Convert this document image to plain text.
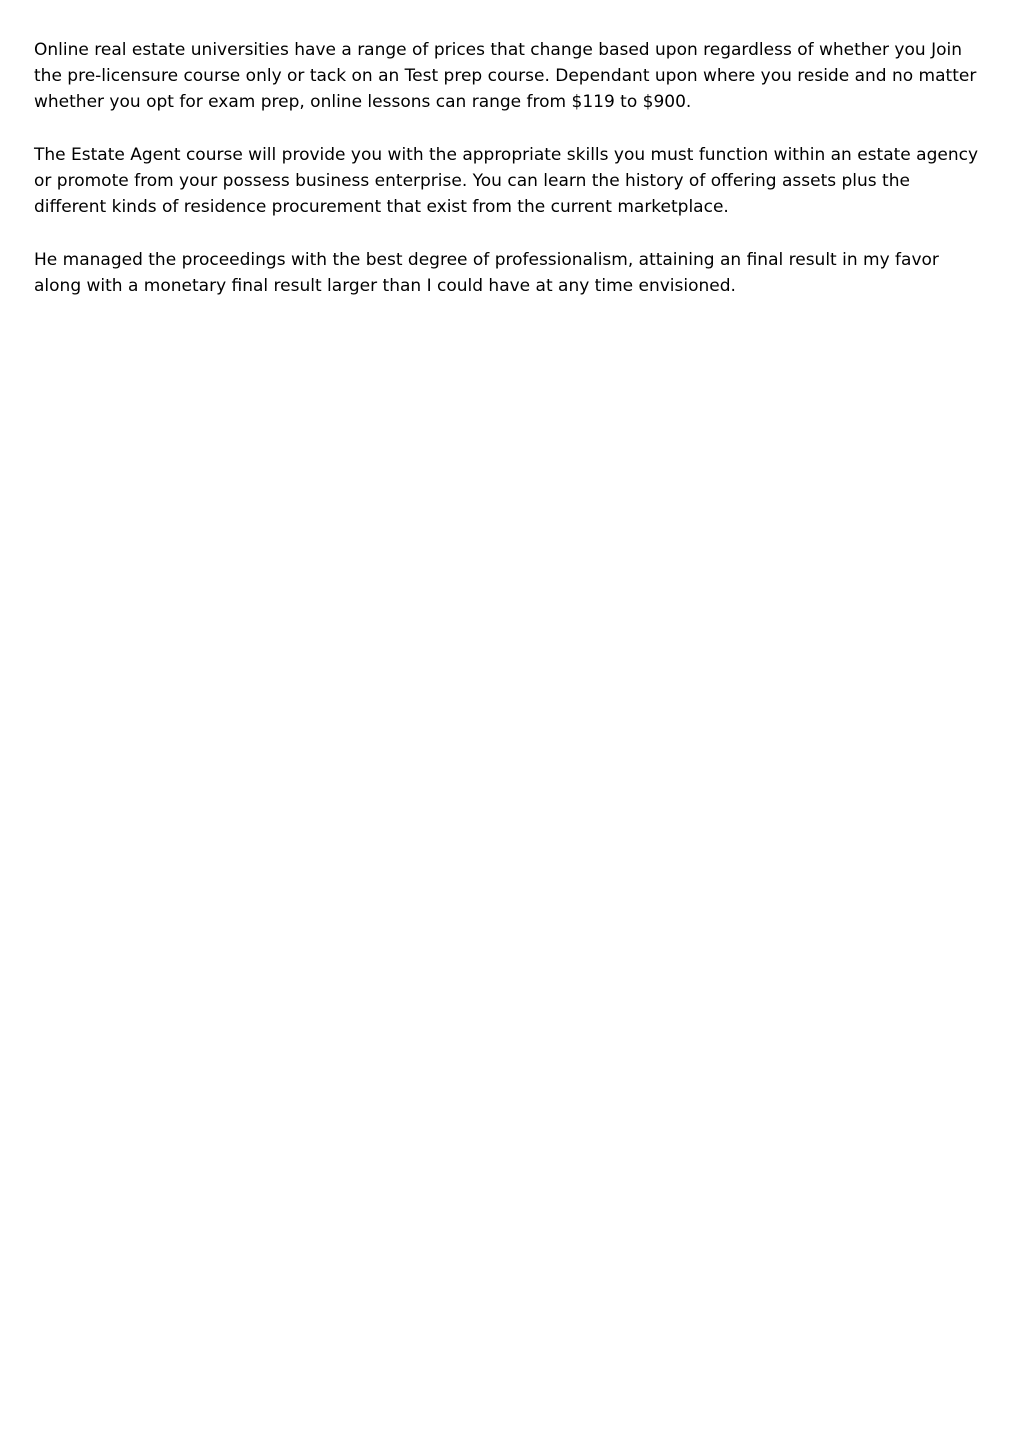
Online real estate universities have a range of prices that change based upon regardless of whether you Join the pre-licensure course only or tack on an Test prep course. Dependant upon where you reside and no matter whether you opt for exam prep, online lessons can range from $119 to $900.

The Estate Agent course will provide you with the appropriate skills you must function within an estate agency or promote from your possess business enterprise. You can learn the history of offering assets plus the different kinds of residence procurement that exist from the current marketplace.

He managed the proceedings with the best degree of professionalism, attaining an final result in my favor along with a monetary final result larger than I could have at any time envisioned.
